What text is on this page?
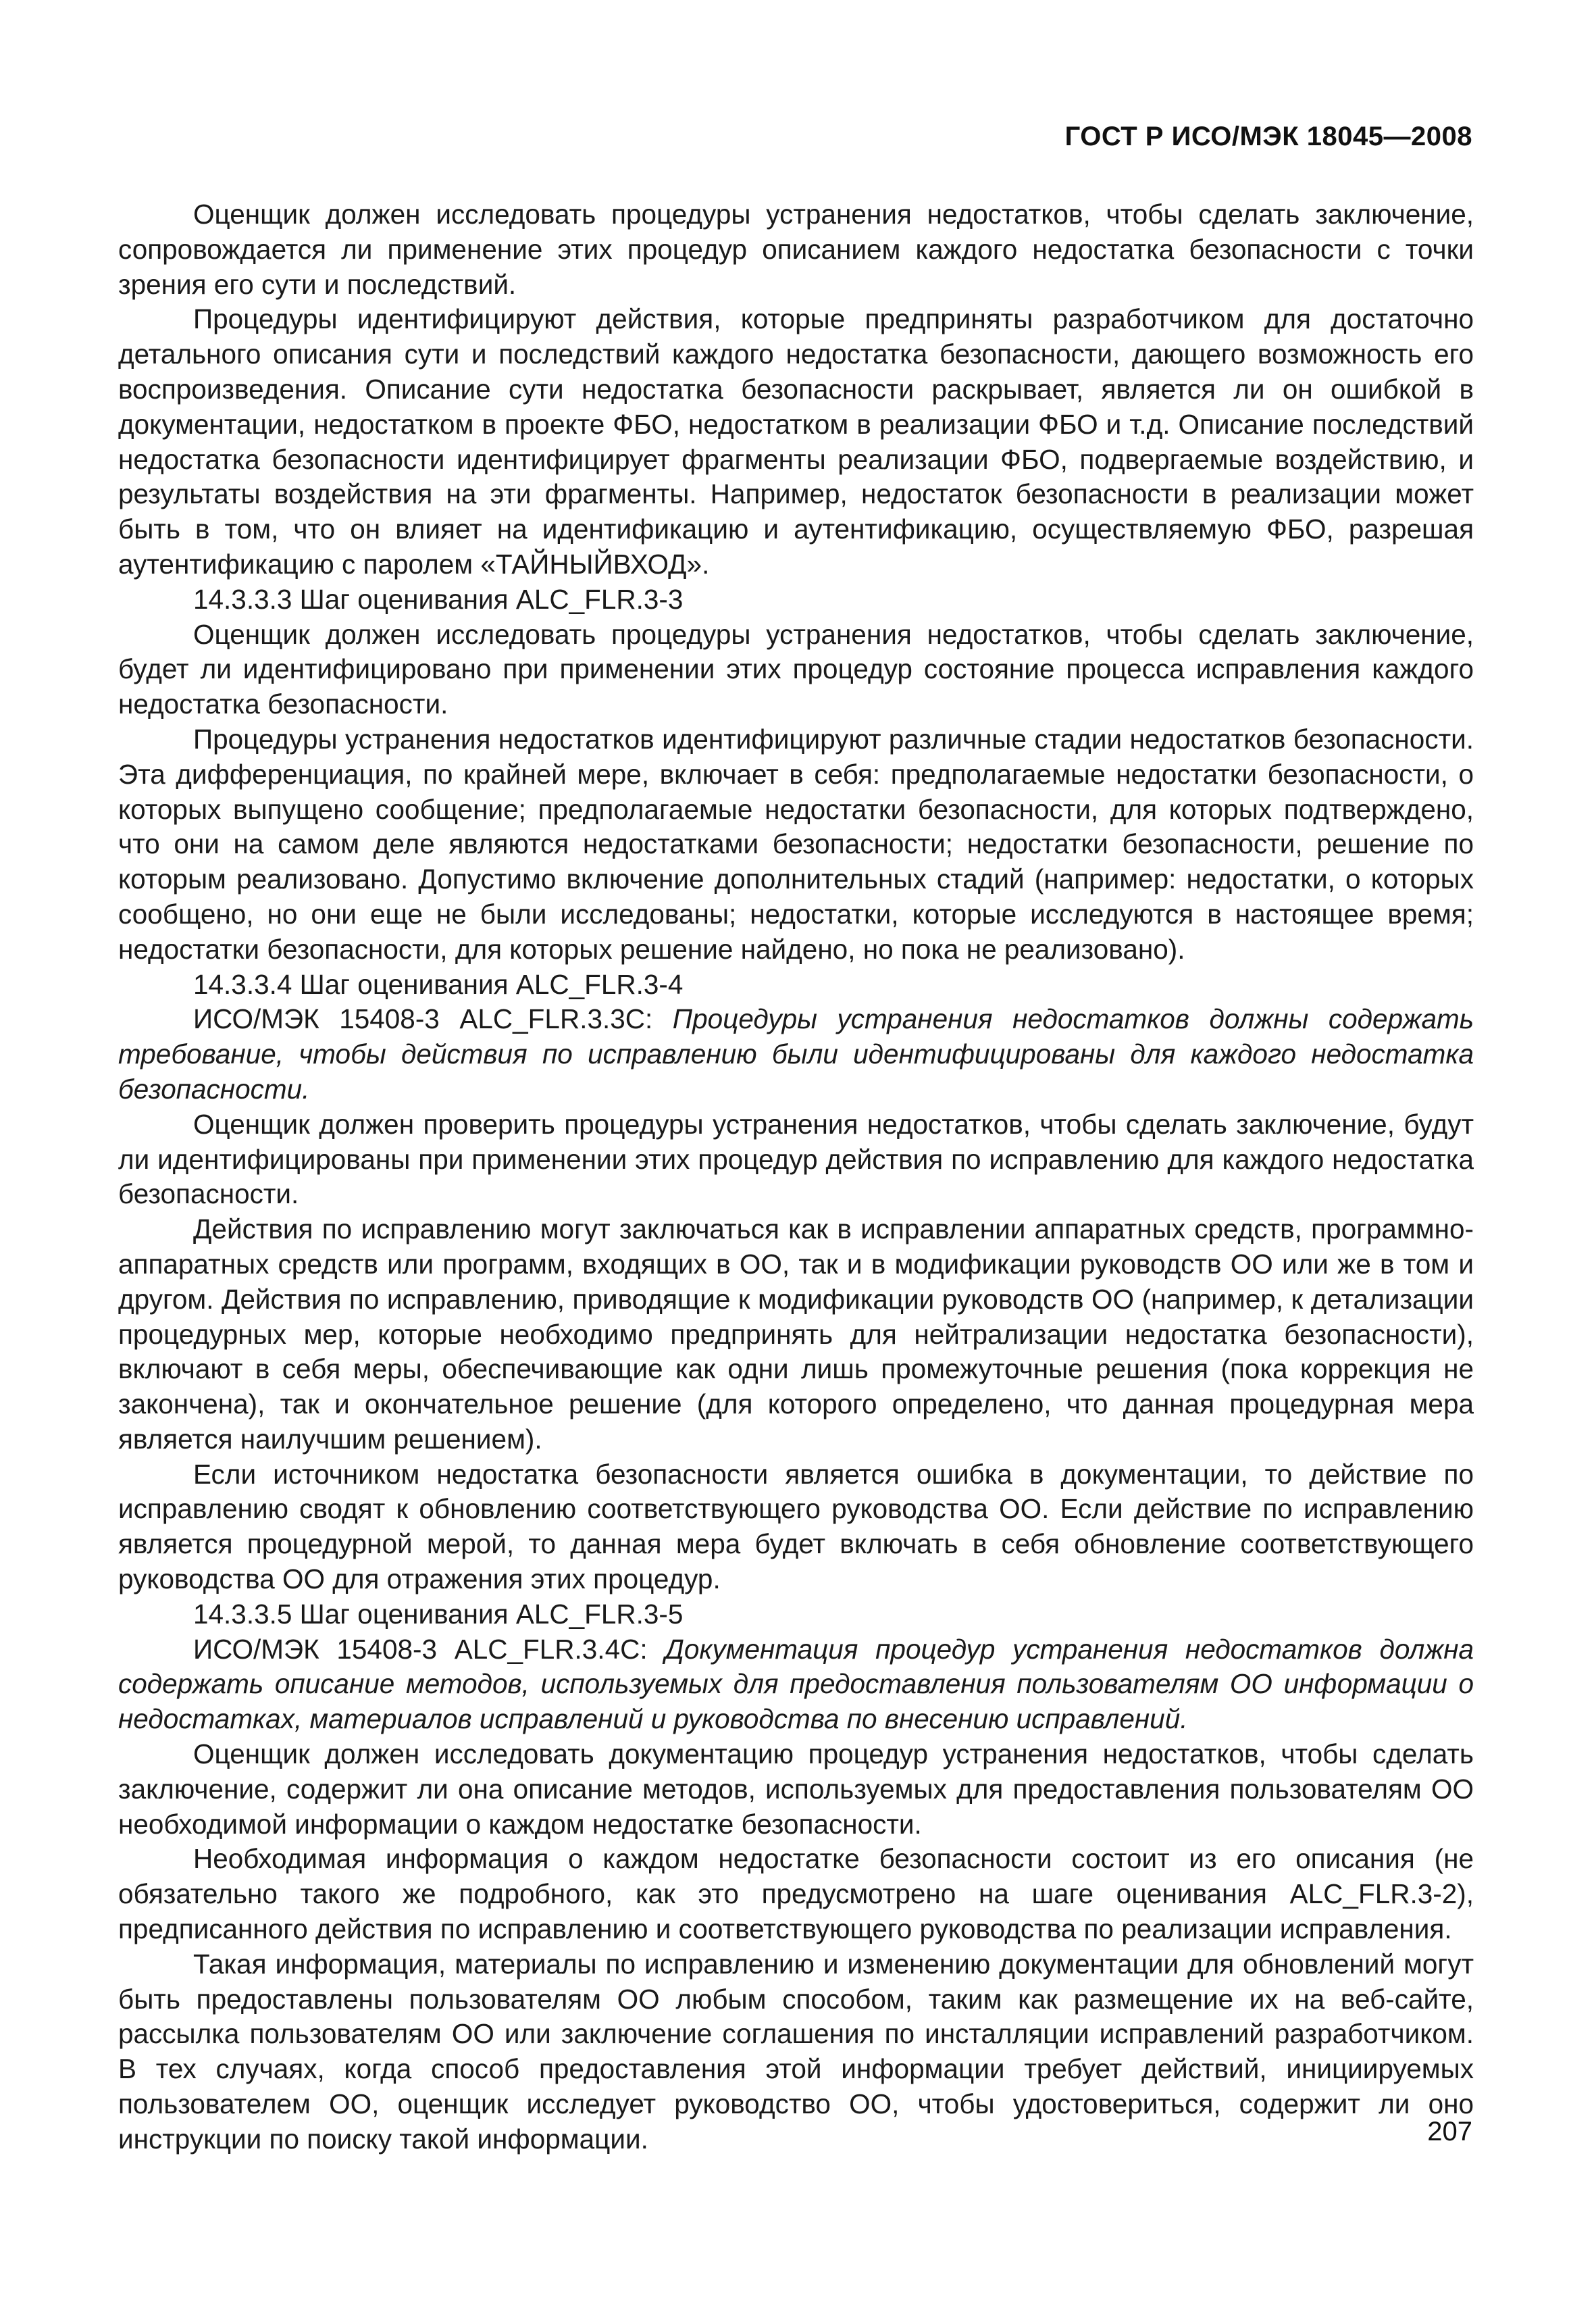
ГОСТ Р ИСО/МЭК 18045—2008

Оценщик должен исследовать процедуры устранения недостатков, чтобы сделать заключение, сопровождается ли применение этих процедур описанием каждого недостатка безопасности с точки зрения его сути и последствий.

Процедуры идентифицируют действия, которые предприняты разработчиком для достаточно детального описания сути и последствий каждого недостатка безопасности, дающего возможность его воспроизведения. Описание сути недостатка безопасности раскрывает, является ли он ошибкой в документации, недостатком в проекте ФБО, недостатком в реализации ФБО и т.д. Описание последствий недостатка безопасности идентифицирует фрагменты реализации ФБО, подвергаемые воздействию, и результаты воздействия на эти фрагменты. Например, недостаток безопасности в реализации может быть в том, что он влияет на идентификацию и аутентификацию, осуществляемую ФБО, разрешая аутентификацию с паролем «ТАЙНЫЙВХОД».

14.3.3.3 Шаг оценивания ALC_FLR.3-3

Оценщик должен исследовать процедуры устранения недостатков, чтобы сделать заключение, будет ли идентифицировано при применении этих процедур состояние процесса исправления каждого недостатка безопасности.

Процедуры устранения недостатков идентифицируют различные стадии недостатков безопасности. Эта дифференциация, по крайней мере, включает в себя: предполагаемые недостатки безопасности, о которых выпущено сообщение; предполагаемые недостатки безопасности, для которых подтверждено, что они на самом деле являются недостатками безопасности; недостатки безопасности, решение по которым реализовано. Допустимо включение дополнительных стадий (например: недостатки, о которых сообщено, но они еще не были исследованы; недостатки, которые исследуются в настоящее время; недостатки безопасности, для которых решение найдено, но пока не реализовано).

14.3.3.4 Шаг оценивания ALC_FLR.3-4

ИСО/МЭК 15408-3 ALC_FLR.3.3C: Процедуры устранения недостатков должны содержать требование, чтобы действия по исправлению были идентифицированы для каждого недостатка безопасности.

Оценщик должен проверить процедуры устранения недостатков, чтобы сделать заключение, будут ли идентифицированы при применении этих процедур действия по исправлению для каждого недостатка безопасности.

Действия по исправлению могут заключаться как в исправлении аппаратных средств, программно-аппаратных средств или программ, входящих в ОО, так и в модификации руководств ОО или же в том и другом. Действия по исправлению, приводящие к модификации руководств ОО (например, к детализации процедурных мер, которые необходимо предпринять для нейтрализации недостатка безопасности), включают в себя меры, обеспечивающие как одни лишь промежуточные решения (пока коррекция не закончена), так и окончательное решение (для которого определено, что данная процедурная мера является наилучшим решением).

Если источником недостатка безопасности является ошибка в документации, то действие по исправлению сводят к обновлению соответствующего руководства ОО. Если действие по исправлению является процедурной мерой, то данная мера будет включать в себя обновление соответствующего руководства ОО для отражения этих процедур.

14.3.3.5 Шаг оценивания ALC_FLR.3-5

ИСО/МЭК 15408-3 ALC_FLR.3.4C: Документация процедур устранения недостатков должна содержать описание методов, используемых для предоставления пользователям ОО информации о недостатках, материалов исправлений и руководства по внесению исправлений.

Оценщик должен исследовать документацию процедур устранения недостатков, чтобы сделать заключение, содержит ли она описание методов, используемых для предоставления пользователям ОО необходимой информации о каждом недостатке безопасности.

Необходимая информация о каждом недостатке безопасности состоит из его описания (не обязательно такого же подробного, как это предусмотрено на шаге оценивания ALC_FLR.3-2), предписанного действия по исправлению и соответствующего руководства по реализации исправления.

Такая информация, материалы по исправлению и изменению документации для обновлений могут быть предоставлены пользователям ОО любым способом, таким как размещение их на веб-сайте, рассылка пользователям ОО или заключение соглашения по инсталляции исправлений разработчиком. В тех случаях, когда способ предоставления этой информации требует действий, инициируемых пользователем ОО, оценщик исследует руководство ОО, чтобы удостовериться, содержит ли оно инструкции по поиску такой информации.	207
